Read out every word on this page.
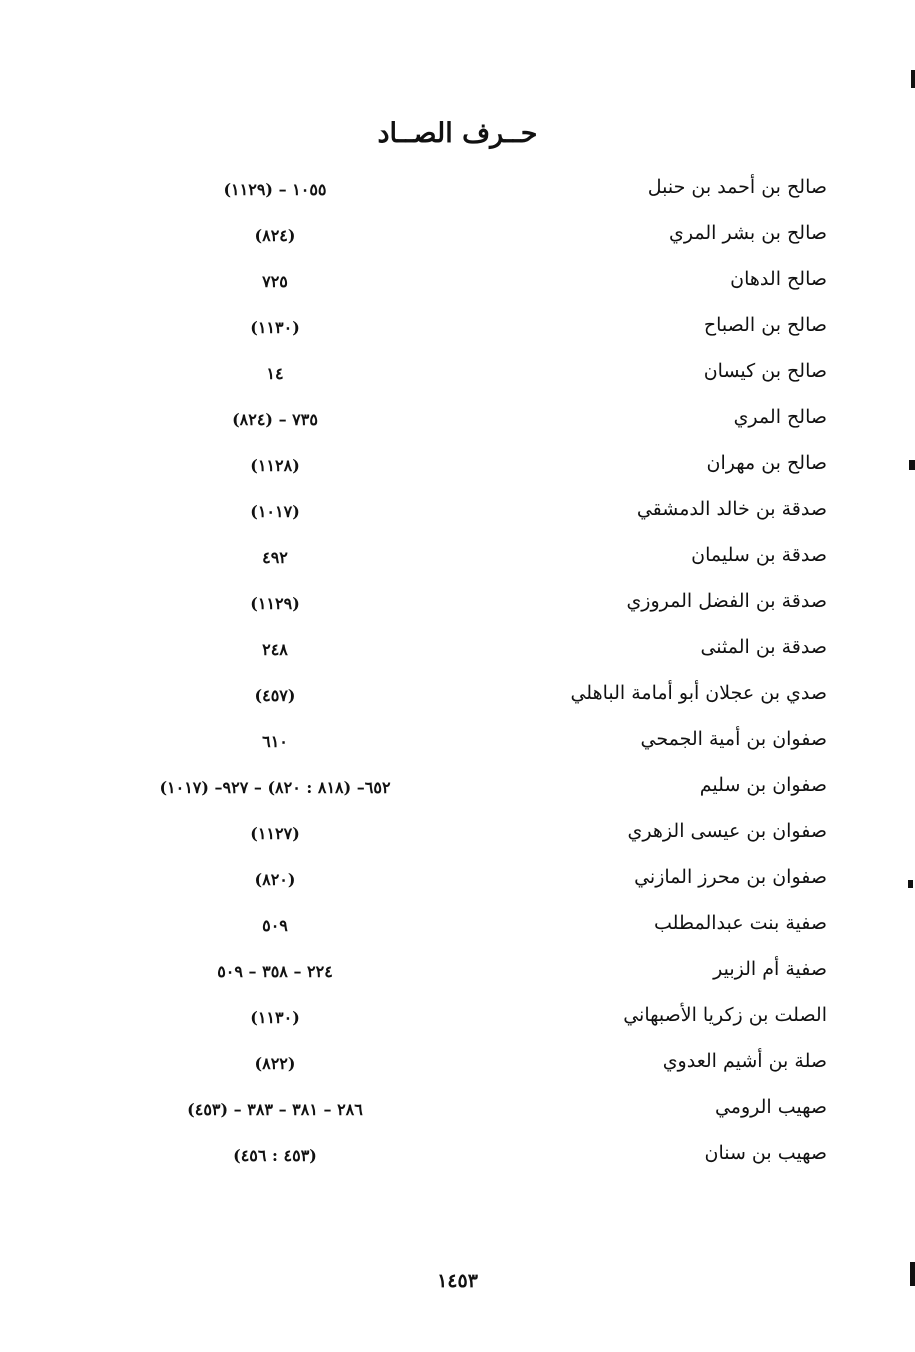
حــرف الصــاد
صالح بن أحمد بن حنبل
١٠٥٥ – (١١٢٩)
صالح بن بشر المري
(٨٢٤)
صالح الدهان
٧٢٥
صالح بن الصباح
(١١٣٠)
صالح بن كيسان
١٤
صالح المري
٧٣٥ – (٨٢٤)
صالح بن مهران
(١١٢٨)
صدقة بن خالد الدمشقي
(١٠١٧)
صدقة بن سليمان
٤٩٢
صدقة بن الفضل المروزي
(١١٢٩)
صدقة بن المثنى
٢٤٨
صدي بن عجلان أبو أمامة الباهلي
(٤٥٧)
صفوان بن أمية الجمحي
٦١٠
صفوان بن سليم
٦٥٢– (٨١٨ : ٨٢٠) – ٩٢٧– (١٠١٧)
صفوان بن عيسى الزهري
(١١٢٧)
صفوان بن محرز المازني
(٨٢٠)
صفية بنت عبدالمطلب
٥٠٩
صفية أم الزبير
٢٢٤ – ٣٥٨ – ٥٠٩
الصلت بن زكريا الأصبهاني
(١١٣٠)
صلة بن أشيم العدوي
(٨٢٢)
صهيب الرومي
٢٨٦ – ٣٨١ – ٣٨٣ – (٤٥٣)
صهيب بن سنان
(٤٥٣ : ٤٥٦)
١٤٥٣
